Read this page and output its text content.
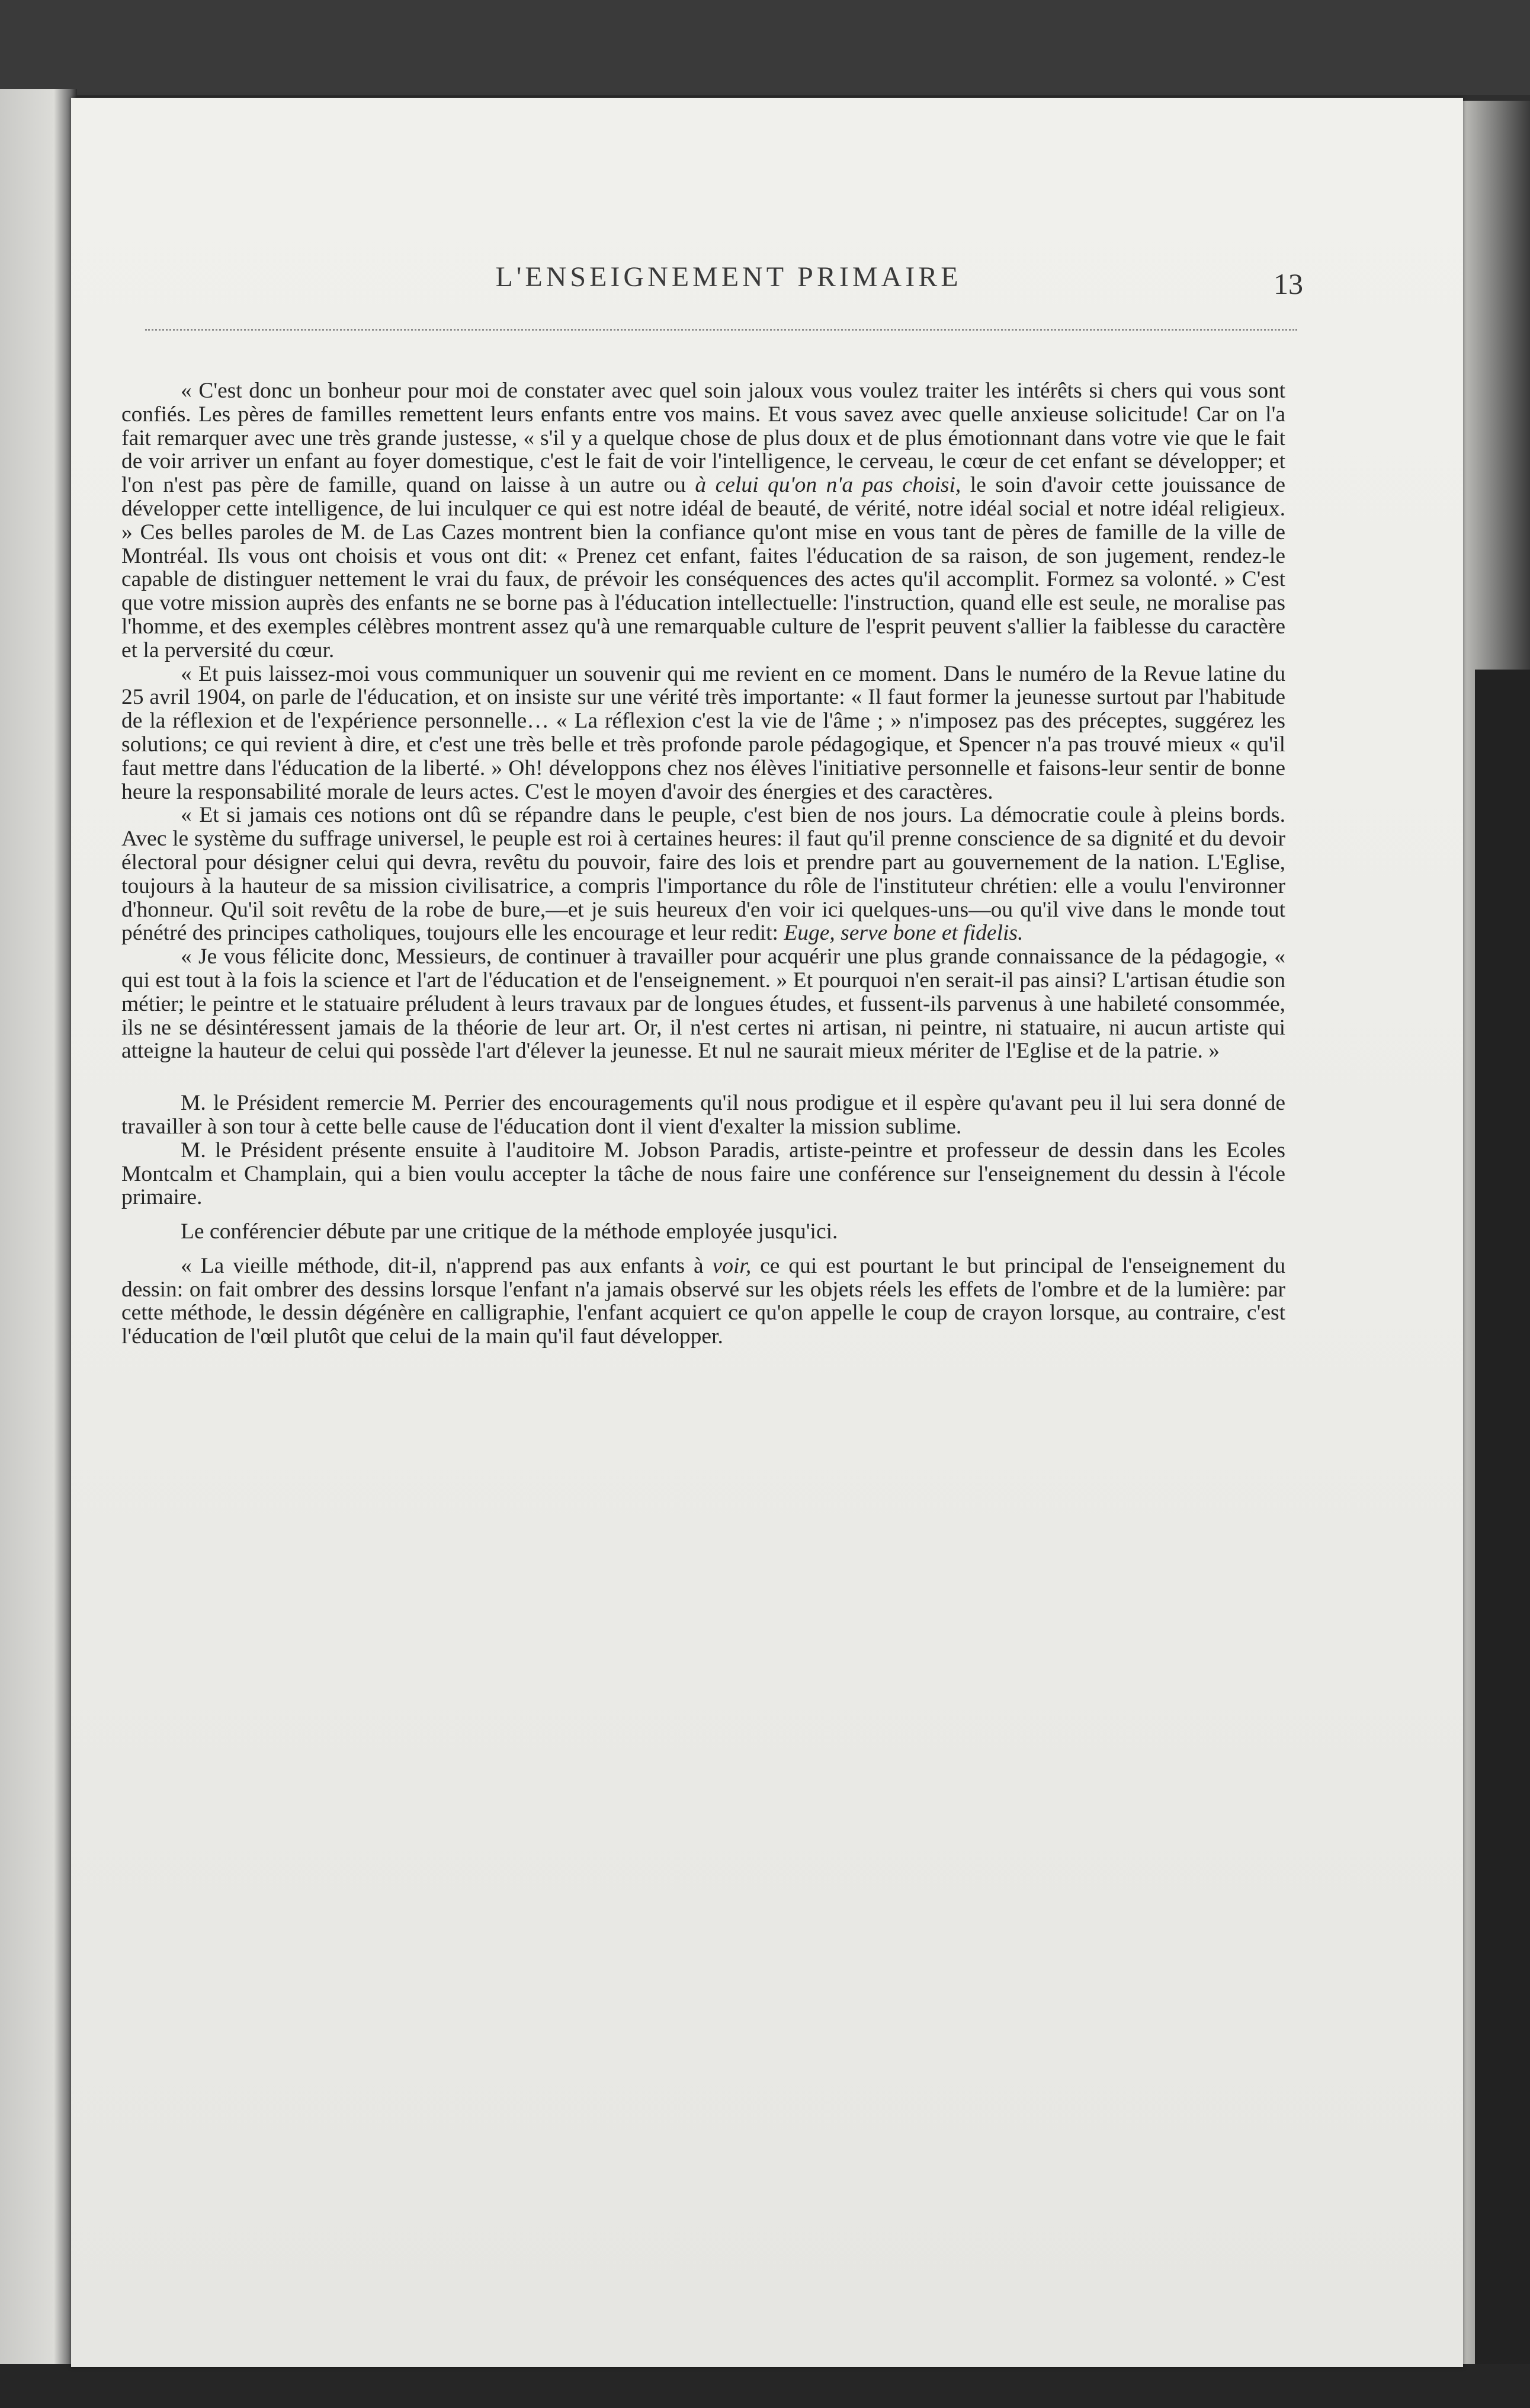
L'ENSEIGNEMENT PRIMAIRE	13

« C'est donc un bonheur pour moi de constater avec quel soin jaloux vous voulez traiter les intérêts si chers qui vous sont confiés. Les pères de familles remettent leurs enfants entre vos mains. Et vous savez avec quelle anxieuse solicitude! Car on l'a fait remarquer avec une très grande justesse, « s'il y a quelque chose de plus doux et de plus émotionnant dans votre vie que le fait de voir arriver un enfant au foyer domestique, c'est le fait de voir l'intelligence, le cerveau, le cœur de cet enfant se développer; et l'on n'est pas père de famille, quand on laisse à un autre ou à celui qu'on n'a pas choisi, le soin d'avoir cette jouissance de développer cette intelligence, de lui inculquer ce qui est notre idéal de beauté, de vérité, notre idéal social et notre idéal religieux. » Ces belles paroles de M. de Las Cazes montrent bien la confiance qu'ont mise en vous tant de pères de famille de la ville de Montréal. Ils vous ont choisis et vous ont dit: « Prenez cet enfant, faites l'éducation de sa raison, de son jugement, rendez-le capable de distinguer nettement le vrai du faux, de prévoir les conséquences des actes qu'il accomplit. Formez sa volonté. » C'est que votre mission auprès des enfants ne se borne pas à l'éducation intellectuelle: l'instruction, quand elle est seule, ne moralise pas l'homme, et des exemples célèbres montrent assez qu'à une remarquable culture de l'esprit peuvent s'allier la faiblesse du caractère et la perversité du cœur.

« Et puis laissez-moi vous communiquer un souvenir qui me revient en ce moment. Dans le numéro de la Revue latine du 25 avril 1904, on parle de l'éducation, et on insiste sur une vérité très importante: « Il faut former la jeunesse surtout par l'habitude de la réflexion et de l'expérience personnelle… « La réflexion c'est la vie de l'âme ; » n'imposez pas des préceptes, suggérez les solutions; ce qui revient à dire, et c'est une très belle et très profonde parole pédagogique, et Spencer n'a pas trouvé mieux « qu'il faut mettre dans l'éducation de la liberté. » Oh! développons chez nos élèves l'initiative personnelle et faisons-leur sentir de bonne heure la responsabilité morale de leurs actes. C'est le moyen d'avoir des énergies et des caractères.

« Et si jamais ces notions ont dû se répandre dans le peuple, c'est bien de nos jours. La démocratie coule à pleins bords. Avec le système du suffrage universel, le peuple est roi à certaines heures: il faut qu'il prenne conscience de sa dignité et du devoir électoral pour désigner celui qui devra, revêtu du pouvoir, faire des lois et prendre part au gouvernement de la nation. L'Eglise, toujours à la hauteur de sa mission civilisatrice, a compris l'importance du rôle de l'instituteur chrétien: elle a voulu l'environner d'honneur. Qu'il soit revêtu de la robe de bure,—et je suis heureux d'en voir ici quelques-uns—ou qu'il vive dans le monde tout pénétré des principes catholiques, toujours elle les encourage et leur redit: Euge, serve bone et fidelis.

« Je vous félicite donc, Messieurs, de continuer à travailler pour acquérir une plus grande connaissance de la pédagogie, « qui est tout à la fois la science et l'art de l'éducation et de l'enseignement. » Et pourquoi n'en serait-il pas ainsi? L'artisan étudie son métier; le peintre et le statuaire préludent à leurs travaux par de longues études, et fussent-ils parvenus à une habileté consommée, ils ne se désintéressent jamais de la théorie de leur art. Or, il n'est certes ni artisan, ni peintre, ni statuaire, ni aucun artiste qui atteigne la hauteur de celui qui possède l'art d'élever la jeunesse. Et nul ne saurait mieux mériter de l'Eglise et de la patrie. »

M. le Président remercie M. Perrier des encouragements qu'il nous prodigue et il espère qu'avant peu il lui sera donné de travailler à son tour à cette belle cause de l'éducation dont il vient d'exalter la mission sublime.

M. le Président présente ensuite à l'auditoire M. Jobson Paradis, artiste-peintre et professeur de dessin dans les Ecoles Montcalm et Champlain, qui a bien voulu accepter la tâche de nous faire une conférence sur l'enseignement du dessin à l'école primaire.

Le conférencier débute par une critique de la méthode employée jusqu'ici.

« La vieille méthode, dit-il, n'apprend pas aux enfants à voir, ce qui est pourtant le but principal de l'enseignement du dessin: on fait ombrer des dessins lorsque l'enfant n'a jamais observé sur les objets réels les effets de l'ombre et de la lumière: par cette méthode, le dessin dégénère en calligraphie, l'enfant acquiert ce qu'on appelle le coup de crayon lorsque, au contraire, c'est l'éducation de l'œil plutôt que celui de la main qu'il faut développer.
